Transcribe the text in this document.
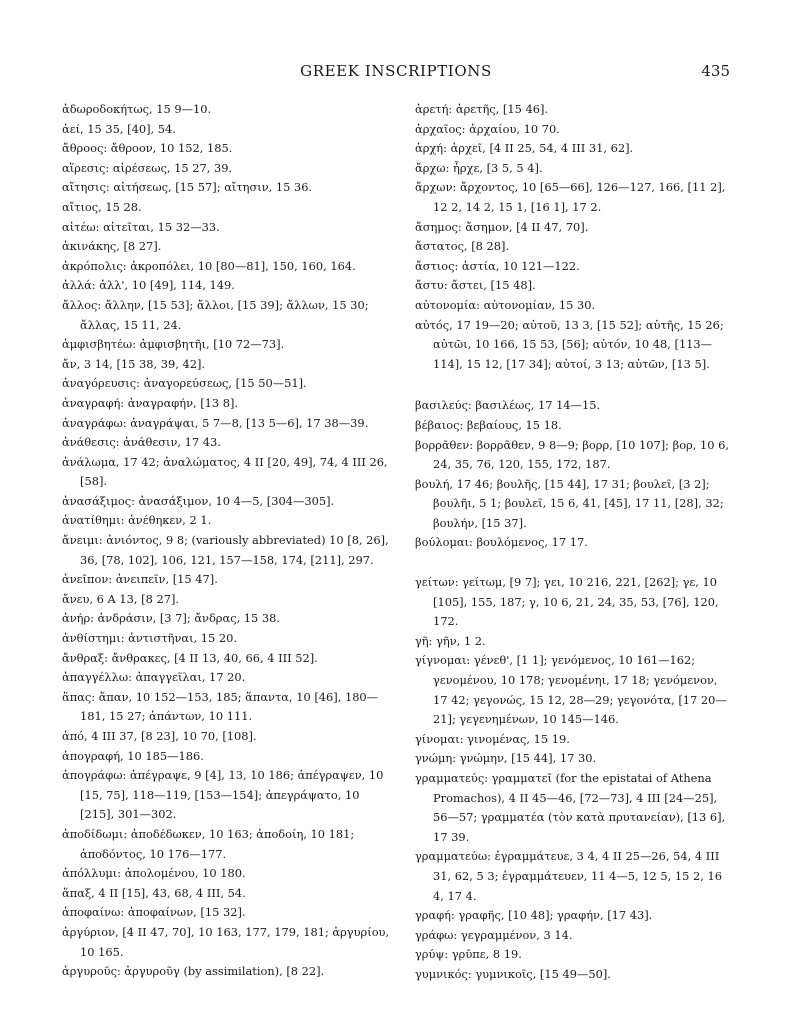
GREEK INSCRIPTIONS	435
ἀδωροδοκήτως, 15 9—10.
ἀεί, 15 35, [40], 54.
ἄθροος: ἄθροον, 10 152, 185.
αἵρεσις: αἱρέσεως, 15 27, 39.
αἴτησις: αἰτήσεως, [15 57]; αἴτησιν, 15 36.
αἴτιος, 15 28.
αἰτέω: αἰτεῖται, 15 32—33.
ἀκινάκης, [8 27].
ἀκρόπολις: ἀκροπόλει, 10 [80—81], 150, 160, 164.
ἀλλά: ἀλλ', 10 [49], 114, 149.
ἄλλος: ἄλλην, [15 53]; ἄλλοι, [15 39]; ἄλλων, 15 30; ἄλλας, 15 11, 24.
ἀμφισβητέω: ἀμφισβητῆι, [10 72—73].
ἄν, 3 14, [15 38, 39, 42].
ἀναγόρευσις: ἀναγορεύσεως, [15 50—51].
ἀναγραφή: ἀναγραφήν, [13 8].
ἀναγράφω: ἀναγράψαι, 5 7—8, [13 5—6], 17 38—39.
ἀνάθεσις: ἀνάθεσιν, 17 43.
ἀνάλωμα, 17 42; ἀναλώματος, 4 II [20, 49], 74, 4 III 26, [58].
ἀνασάξιμος: ἀνασάξιμον, 10 4—5, [304—305].
ἀνατίθημι: ἀνέθηκεν, 2 1.
ἄνειμι: ἀνιόντος, 9 8; (variously abbreviated) 10 [8, 26], 36, [78, 102], 106, 121, 157—158, 174, [211], 297.
ἀνεῖπον: ἀνειπεῖν, [15 47].
ἄνευ, 6 A 13, [8 27].
ἀνήρ: ἀνδράσιν, [3 7]; ἄνδρας, 15 38.
ἀνθίστημι: ἀντιστῆναι, 15 20.
ἄνθραξ: ἄνθρακες, [4 II 13, 40, 66, 4 III 52].
ἀπαγγέλλω: ἀπαγγεῖλαι, 17 20.
ἅπας: ἅπαν, 10 152—153, 185; ἅπαντα, 10 [46], 180—181, 15 27; ἁπάντων, 10 111.
ἀπό, 4 III 37, [8 23], 10 70, [108].
ἀπογραφή, 10 185—186.
ἀπογράφω: ἀπέγραψε, 9 [4], 13, 10 186; ἀπέγραψεν, 10 [15, 75], 118—119, [153—154]; ἀπεγράψατο, 10 [215], 301—302.
ἀποδίδωμι: ἀποδέδωκεν, 10 163; ἀποδοίη, 10 181; ἀποδόντος, 10 176—177.
ἀπόλλυμι: ἀπολομένου, 10 180.
ἅπαξ, 4 II [15], 43, 68, 4 III, 54.
ἀποφαίνω: ἀποφαίνων, [15 32].
ἀργύριον, [4 II 47, 70], 10 163, 177, 179, 181; ἀργυρίου, 10 165.
ἀργυροῦς: ἀργυροῦγ (by assimilation), [8 22].
ἀρετή: ἀρετῆς, [15 46].
ἀρχαῖος: ἀρχαίου, 10 70.
ἀρχή: ἀρχεῖ, [4 II 25, 54, 4 III 31, 62].
ἄρχω: ἦρχε, [3 5, 5 4].
ἄρχων: ἄρχοντος, 10 [65—66], 126—127, 166, [11 2], 12 2, 14 2, 15 1, [16 1], 17 2.
ἄσημος: ἄσημον, [4 II 47, 70].
ἄστατος, [8 28].
ἄστιος: ἀστία, 10 121—122.
ἄστυ: ἄστει, [15 48].
αὐτονομία: αὐτονομίαν, 15 30.
αὐτός, 17 19—20; αὐτοῦ, 13 3, [15 52]; αὐτῆς, 15 26; αὐτῶι, 10 166, 15 53, [56]; αὐτόν, 10 48, [113—114], 15 12, [17 34]; αὐτοί, 3 13; αὐτῶν, [13 5].
βασιλεύς: βασιλέως, 17 14—15.
βέβαιος: βεβαίους, 15 18.
βορρᾶθεν: βορρᾶθεν, 9 8—9; βορρ, [10 107]; βορ, 10 6, 24, 35, 76, 120, 155, 172, 187.
βουλή, 17 46; βουλῆς, [15 44], 17 31; βουλεῖ, [3 2]; βουλῆι, 5 1; βουλεῖ, 15 6, 41, [45], 17 11, [28], 32; βουλήν, [15 37].
βούλομαι: βουλόμενος, 17 17.
γείτων: γείτωμ, [9 7]; γει, 10 216, 221, [262]; γε, 10 [105], 155, 187; γ, 10 6, 21, 24, 35, 53, [76], 120, 172.
γῆ: γῆν, 1 2.
γίγνομαι: γένεθ', [1 1]; γενόμενος, 10 161—162; γενομένου, 10 178; γενομένηι, 17 18; γενόμενον, 17 42; γεγονώς, 15 12, 28—29; γεγονότα, [17 20—21]; γεγενημένων, 10 145—146.
γίνομαι: γινομένας, 15 19.
γνώμη: γνώμην, [15 44], 17 30.
γραμματεύς: γραμματεῖ (for the epistatai of Athena Promachos), 4 II 45—46, [72—73], 4 III [24—25], 56—57; γραμματέα (τὸν κατὰ πρυτανείαν), [13 6], 17 39.
γραμματεύω: ἐγραμμάτευε, 3 4, 4 II 25—26, 54, 4 III 31, 62, 5 3; ἐγραμμάτευεν, 11 4—5, 12 5, 15 2, 16 4, 17 4.
γραφή: γραφῆς, [10 48]; γραφήν, [17 43].
γράφω: γεγραμμένον, 3 14.
γρύψ: γρῦπε, 8 19.
γυμνικός: γυμνικοῖς, [15 49—50].
